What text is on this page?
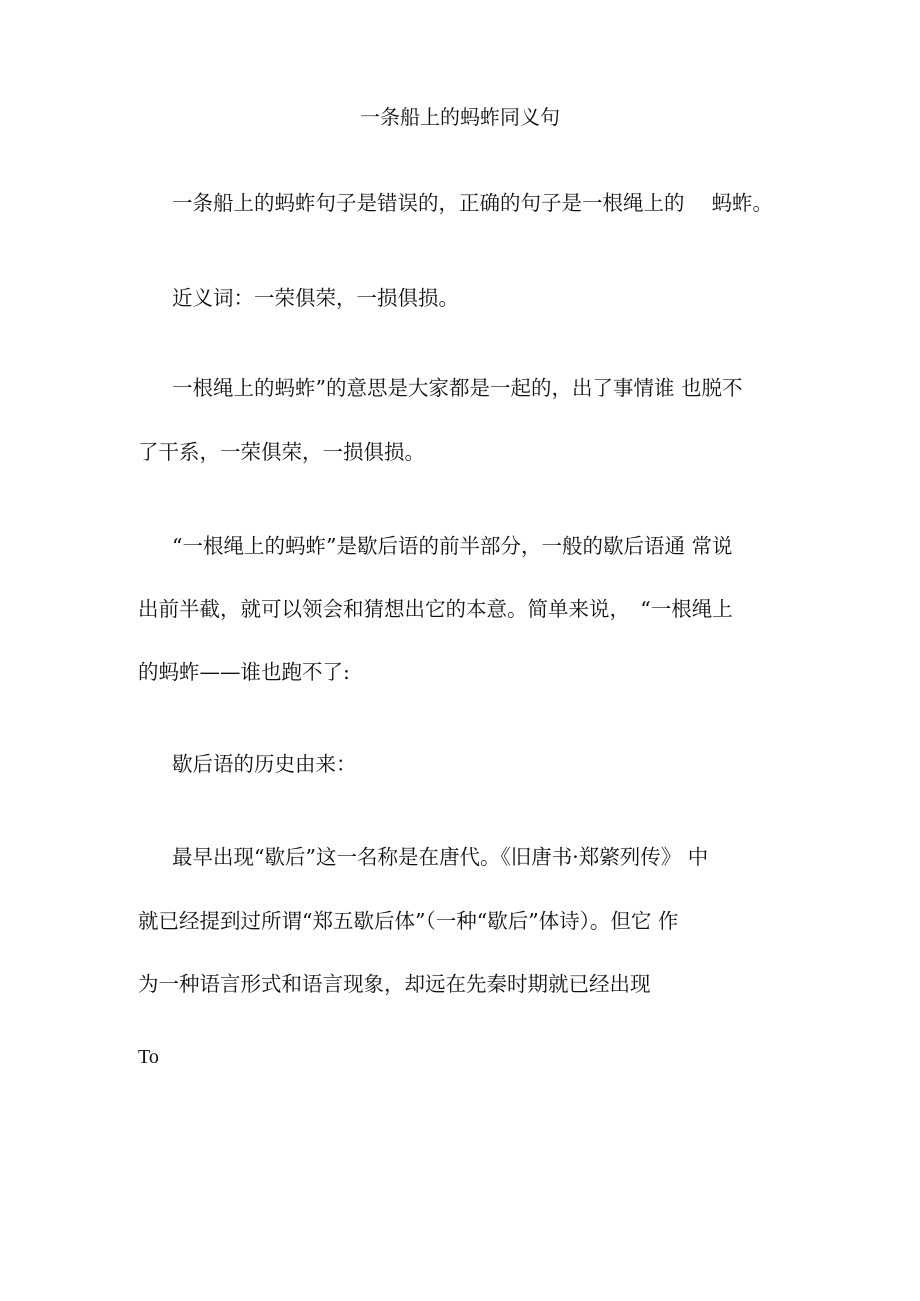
一条船上的蚂蚱同义句
一条船上的蚂蚱句子是错误的，正确的句子是一根绳上的 　蚂蚱。
近义词：一荣俱荣，一损俱损。
一根绳上的蚂蚱”的意思是大家都是一起的，出了事情谁 也脱不
了干系，一荣俱荣，一损俱损。
“一根绳上的蚂蚱”是歇后语的前半部分，一般的歇后语通 常说
出前半截，就可以领会和猜想出它的本意。简单来说，　“一根绳上
的蚂蚱——谁也跑不了:
歇后语的历史由来：
最早出现“歇后”这一名称是在唐代。《旧唐书·郑綮列传》 中
就已经提到过所谓“郑五歇后体”（一种“歇后”体诗）。但它 作
为一种语言形式和语言现象，却远在先秦时期就已经出现
To
